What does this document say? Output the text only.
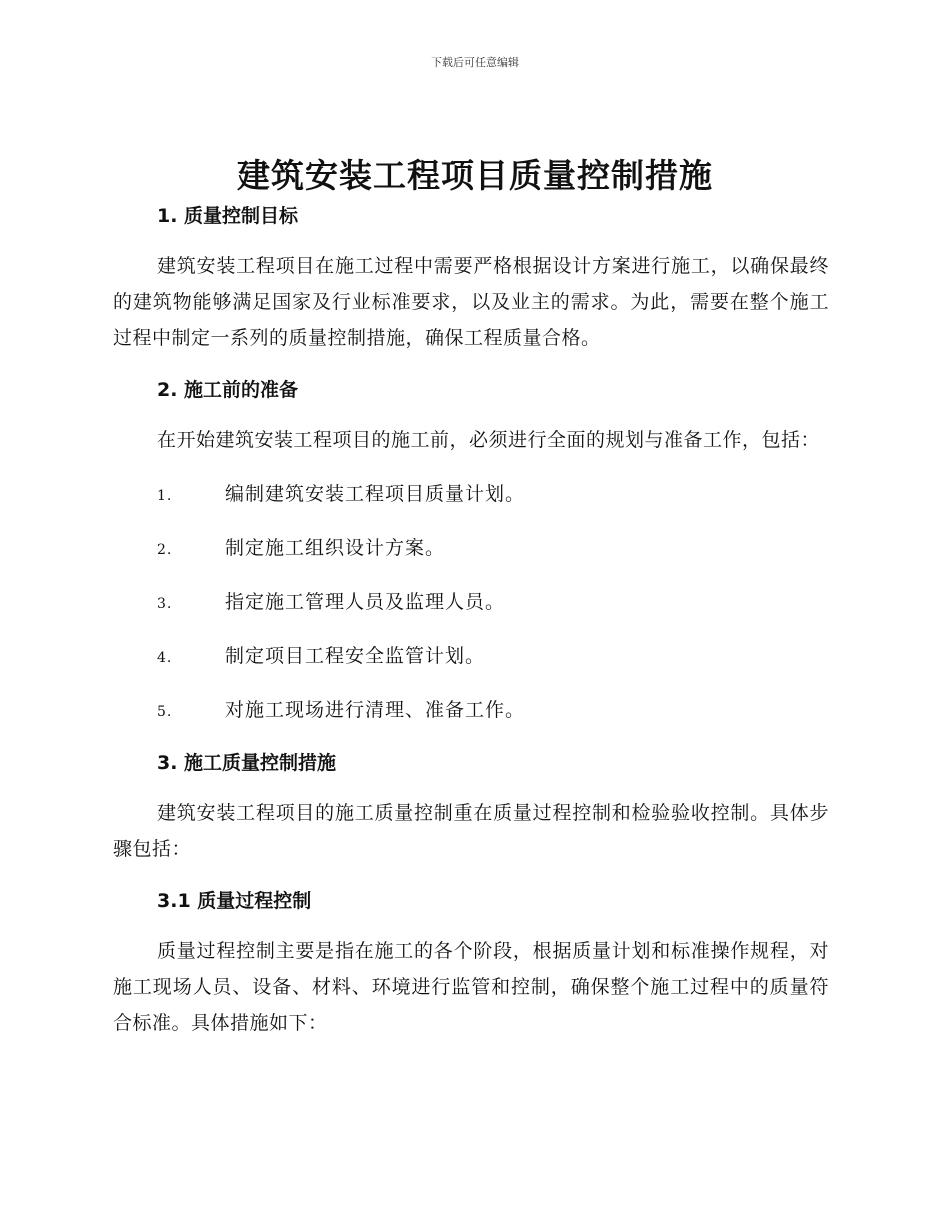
下载后可任意编辑
建筑安装工程项目质量控制措施
1. 质量控制目标
建筑安装工程项目在施工过程中需要严格根据设计方案进行施工，以确保最终的建筑物能够满足国家及行业标准要求，以及业主的需求。为此，需要在整个施工过程中制定一系列的质量控制措施，确保工程质量合格。
2. 施工前的准备
在开始建筑安装工程项目的施工前，必须进行全面的规划与准备工作，包括：
1.	编制建筑安装工程项目质量计划。
2.	制定施工组织设计方案。
3.	指定施工管理人员及监理人员。
4.	制定项目工程安全监管计划。
5.	对施工现场进行清理、准备工作。
3. 施工质量控制措施
建筑安装工程项目的施工质量控制重在质量过程控制和检验验收控制。具体步骤包括：
3.1 质量过程控制
质量过程控制主要是指在施工的各个阶段，根据质量计划和标准操作规程，对施工现场人员、设备、材料、环境进行监管和控制，确保整个施工过程中的质量符合标准。具体措施如下：
